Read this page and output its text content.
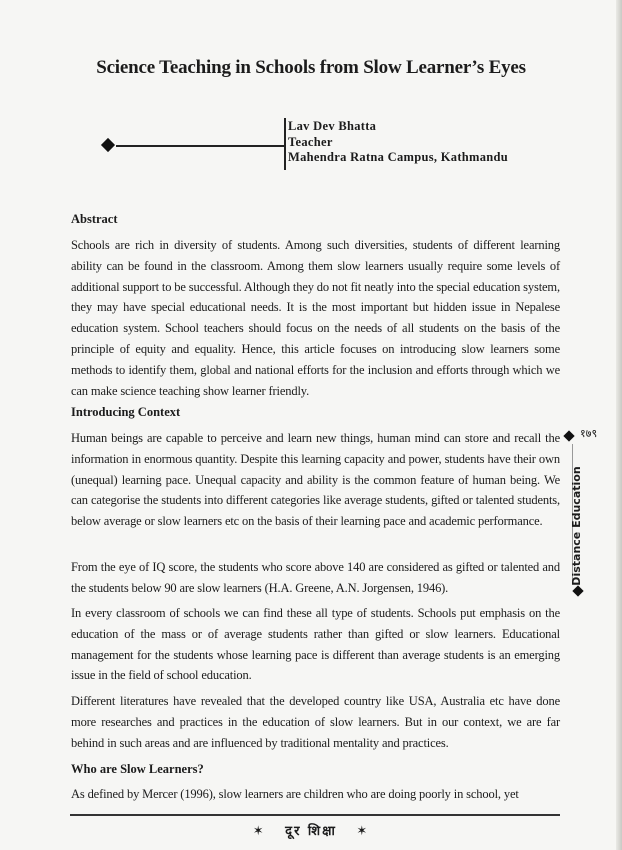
Science Teaching in Schools from Slow Learner’s Eyes
Lav Dev Bhatta
Teacher
Mahendra Ratna Campus, Kathmandu
Abstract
Schools are rich in diversity of students. Among such diversities, students of different learning ability can be found in the classroom. Among them slow learners usually require some levels of additional support to be successful. Although they do not fit neatly into the special education system, they may have special educational needs. It is the most important but hidden issue in Nepalese education system. School teachers should focus on the needs of all students on the basis of the principle of equity and equality. Hence, this article focuses on introducing slow learners some methods to identify them, global and national efforts for the inclusion and efforts through which we can make science teaching show learner friendly.
Introducing Context
Human beings are capable to perceive and learn new things, human mind can store and recall the information in enormous quantity. Despite this learning capacity and power, students have their own (unequal) learning pace. Unequal capacity and ability is the common feature of human being. We can categorise the students into different categories like average students, gifted or talented students, below average or slow learners etc on the basis of their learning pace and academic performance.
From the eye of IQ score, the students who score above 140 are considered as gifted or talented and the students below 90 are slow learners (H.A. Greene, A.N. Jorgensen, 1946).
In every classroom of schools we can find these all type of students. Schools put emphasis on the education of the mass or of average students rather than gifted or slow learners. Educational management for the students whose learning pace is different than average students is an emerging issue in the field of school education.
Different literatures have revealed that the developed country like USA, Australia etc have done more researches and practices in the education of slow learners. But in our context, we are far behind in such areas and are influenced by traditional mentality and practices.
Who are Slow Learners?
As defined by Mercer (1996), slow learners are children who are doing poorly in school, yet
१७९
Distance Education
✶ दूर शिक्षा ✶
